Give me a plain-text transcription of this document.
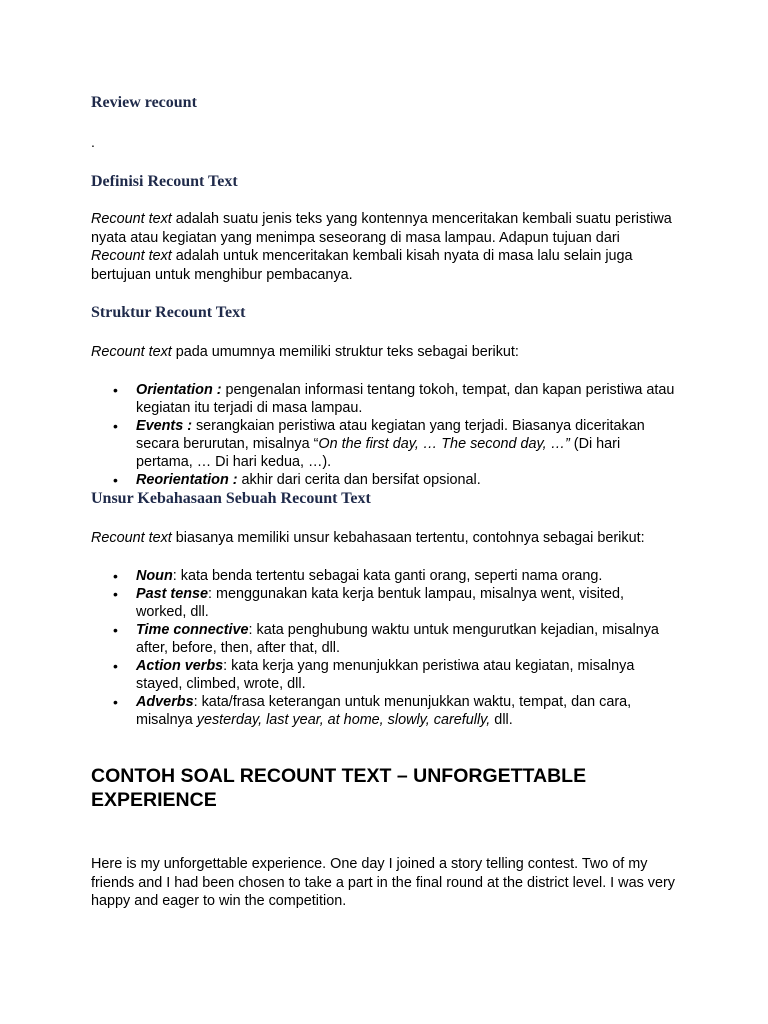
Review recount
.
Definisi Recount Text

Recount text adalah suatu jenis teks yang kontennya menceritakan kembali suatu peristiwa nyata atau kegiatan yang menimpa seseorang di masa lampau. Adapun tujuan dari Recount text adalah untuk menceritakan kembali kisah nyata di masa lalu selain juga bertujuan untuk menghibur pembacanya.

Struktur Recount Text

Recount text pada umumnya memiliki struktur teks sebagai berikut:

• Orientation : pengenalan informasi tentang tokoh, tempat, dan kapan peristiwa atau kegiatan itu terjadi di masa lampau.
• Events : serangkaian peristiwa atau kegiatan yang terjadi. Biasanya diceritakan secara berurutan, misalnya “On the first day, … The second day, …” (Di hari pertama, … Di hari kedua, …).
• Reorientation : akhir dari cerita dan bersifat opsional.
Unsur Kebahasaan Sebuah Recount Text

Recount text biasanya memiliki unsur kebahasaan tertentu, contohnya sebagai berikut:

• Noun: kata benda tertentu sebagai kata ganti orang, seperti nama orang.
• Past tense: menggunakan kata kerja bentuk lampau, misalnya went, visited, worked, dll.
• Time connective: kata penghubung waktu untuk mengurutkan kejadian, misalnya after, before, then, after that, dll.
• Action verbs: kata kerja yang menunjukkan peristiwa atau kegiatan, misalnya stayed, climbed, wrote, dll.
• Adverbs: kata/frasa keterangan untuk menunjukkan waktu, tempat, dan cara, misalnya yesterday, last year, at home, slowly, carefully, dll.
CONTOH SOAL RECOUNT TEXT – UNFORGETTABLE EXPERIENCE

Here is my unforgettable experience. One day I joined a story telling contest. Two of my friends and I had been chosen to take a part in the final round at the district level. I was very happy and eager to win the competition.
